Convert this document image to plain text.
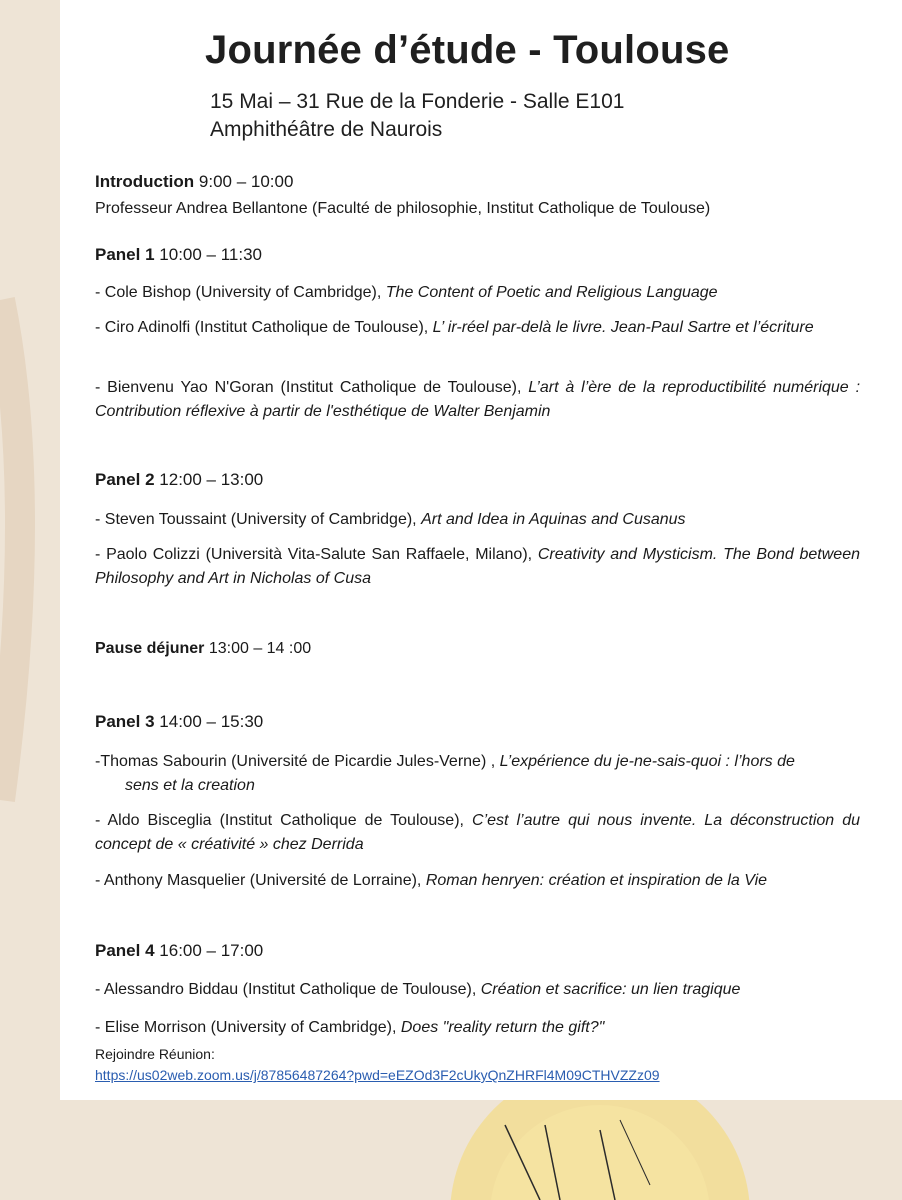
Journée d’étude - Toulouse
15 Mai – 31 Rue de la Fonderie - Salle E101
Amphithéâtre de Naurois
Introduction 9:00 – 10:00
Professeur Andrea Bellantone (Faculté de philosophie, Institut Catholique de Toulouse)
Panel 1 10:00 – 11:30
- Cole Bishop (University of Cambridge), The Content of Poetic and Religious Language
- Ciro Adinolfi (Institut Catholique de Toulouse), L’ ir-réel par-delà le livre. Jean-Paul Sartre et l’écriture
- Bienvenu Yao N'Goran (Institut Catholique de Toulouse), L’art à l’ère de la reproductibilité numérique : Contribution réflexive à partir de l'esthétique de Walter Benjamin
Panel 2 12:00 – 13:00
- Steven Toussaint (University of Cambridge), Art and Idea in Aquinas and Cusanus
- Paolo Colizzi (Università Vita-Salute San Raffaele, Milano), Creativity and Mysticism. The Bond between Philosophy and Art in Nicholas of Cusa
Pause déjuner 13:00 – 14 :00
Panel 3 14:00 – 15:30
-Thomas Sabourin (Université de Picardie Jules-Verne) , L’expérience du je-ne-sais-quoi : l’hors de
sens et la creation
- Aldo Bisceglia (Institut Catholique de Toulouse), C’est l’autre qui nous invente. La déconstruction du concept de « créativité » chez Derrida
- Anthony Masquelier (Université de Lorraine), Roman henryen: création et inspiration de la Vie
Panel 4 16:00 – 17:00
- Alessandro Biddau (Institut Catholique de Toulouse), Création et sacrifice: un lien tragique
- Elise Morrison (University of Cambridge), Does "reality return the gift?"
Rejoindre Réunion:
https://us02web.zoom.us/j/87856487264?pwd=eEZOd3F2cUkyQnZHRFl4M09CTHVZZz09
